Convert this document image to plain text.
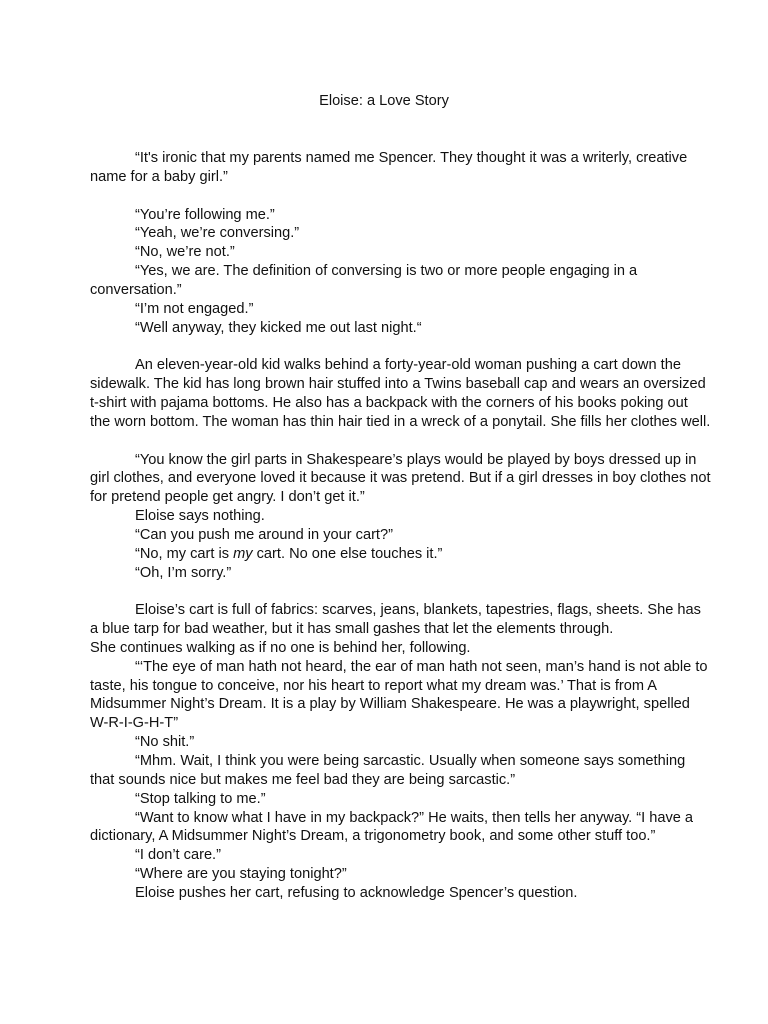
Eloise: a Love Story
“It's ironic that my parents named me Spencer. They thought it was a writerly, creative
name for a baby girl.”
“You’re following me.”
“Yeah, we’re conversing.”
“No, we’re not.”
“Yes, we are. The definition of conversing is two or more people engaging in a
conversation.”
“I’m not engaged.”
“Well anyway, they kicked me out last night.“
An eleven-year-old kid walks behind a forty-year-old woman pushing a cart down the
sidewalk. The kid has long brown hair stuffed into a Twins baseball cap and wears an oversized
t-shirt with pajama bottoms. He also has a backpack with the corners of his books poking out
the worn bottom. The woman has thin hair tied in a wreck of a ponytail. She fills her clothes well.
“You know the girl parts in Shakespeare’s plays would be played by boys dressed up in
girl clothes, and everyone loved it because it was pretend. But if a girl dresses in boy clothes not
for pretend people get angry. I don’t get it.”
Eloise says nothing.
“Can you push me around in your cart?”
“No, my cart is my cart. No one else touches it.”
“Oh, I’m sorry.”
Eloise’s cart is full of fabrics: scarves, jeans, blankets, tapestries, flags, sheets. She has
a blue tarp for bad weather, but it has small gashes that let the elements through.
She continues walking as if no one is behind her, following.
“‘The eye of man hath not heard, the ear of man hath not seen, man’s hand is not able to
taste, his tongue to conceive, nor his heart to report what my dream was.’ That is from A
Midsummer Night’s Dream. It is a play by William Shakespeare. He was a playwright, spelled
W-R-I-G-H-T”
“No shit.”
“Mhm. Wait, I think you were being sarcastic. Usually when someone says something
that sounds nice but makes me feel bad they are being sarcastic.”
“Stop talking to me.”
“Want to know what I have in my backpack?” He waits, then tells her anyway. “I have a
dictionary, A Midsummer Night’s Dream, a trigonometry book, and some other stuff too.”
“I don’t care.”
“Where are you staying tonight?”
Eloise pushes her cart, refusing to acknowledge Spencer’s question.
